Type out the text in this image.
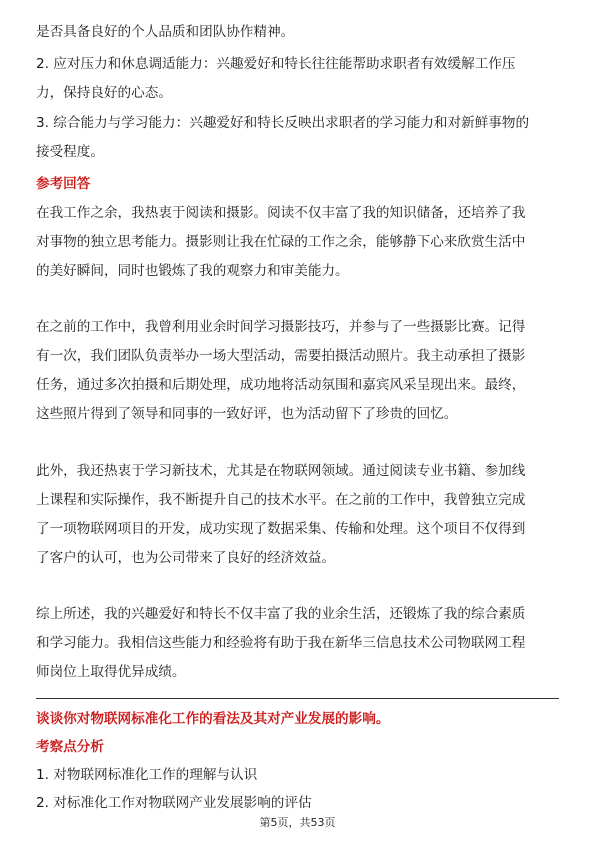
是否具备良好的个人品质和团队协作精神。
2. 应对压力和休息调适能力：兴趣爱好和特长往往能帮助求职者有效缓解工作压
力，保持良好的心态。
3. 综合能力与学习能力：兴趣爱好和特长反映出求职者的学习能力和对新鲜事物的
接受程度。
参考回答
在我工作之余，我热衷于阅读和摄影。阅读不仅丰富了我的知识储备，还培养了我
对事物的独立思考能力。摄影则让我在忙碌的工作之余，能够静下心来欣赏生活中
的美好瞬间，同时也锻炼了我的观察力和审美能力。
在之前的工作中，我曾利用业余时间学习摄影技巧，并参与了一些摄影比赛。记得
有一次，我们团队负责举办一场大型活动，需要拍摄活动照片。我主动承担了摄影
任务，通过多次拍摄和后期处理，成功地将活动氛围和嘉宾风采呈现出来。最终，
这些照片得到了领导和同事的一致好评，也为活动留下了珍贵的回忆。
此外，我还热衷于学习新技术，尤其是在物联网领域。通过阅读专业书籍、参加线
上课程和实际操作，我不断提升自己的技术水平。在之前的工作中，我曾独立完成
了一项物联网项目的开发，成功实现了数据采集、传输和处理。这个项目不仅得到
了客户的认可，也为公司带来了良好的经济效益。
综上所述，我的兴趣爱好和特长不仅丰富了我的业余生活，还锻炼了我的综合素质
和学习能力。我相信这些能力和经验将有助于我在新华三信息技术公司物联网工程
师岗位上取得优异成绩。
谈谈你对物联网标准化工作的看法及其对产业发展的影响。
考察点分析
1. 对物联网标准化工作的理解与认识
2. 对标准化工作对物联网产业发展影响的评估
第5页，共53页
